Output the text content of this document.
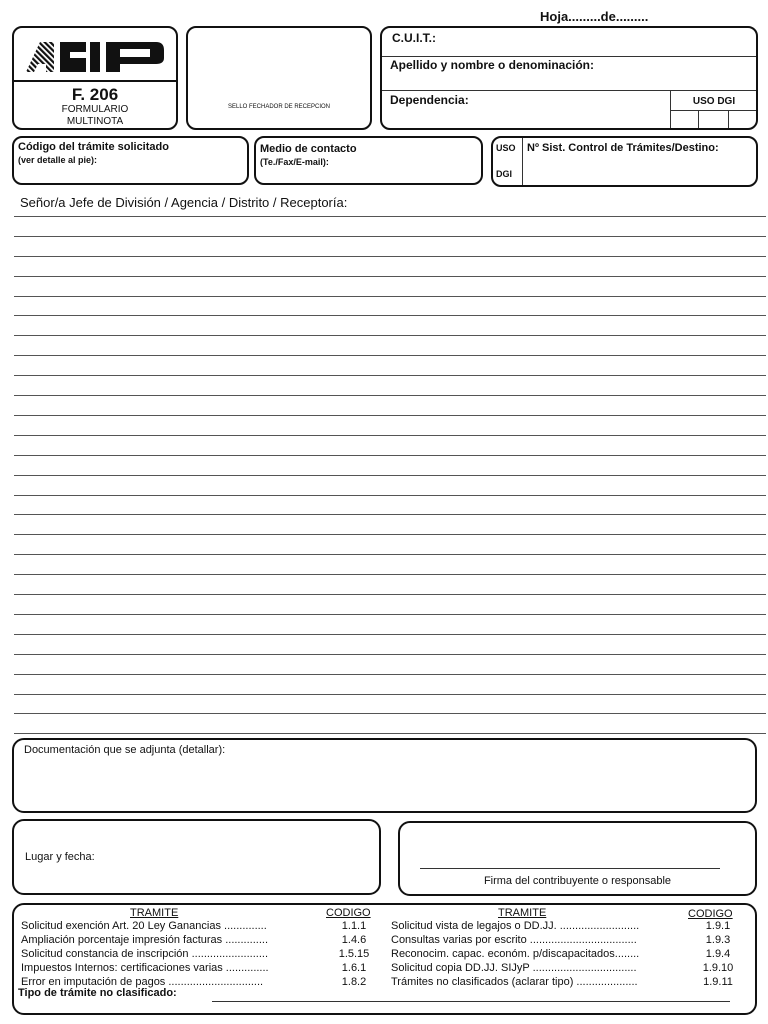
Hoja.........de.........
F. 206
FORMULARIO
MULTINOTA
SELLO FECHADOR DE RECEPCION
C.U.I.T.:
Apellido y nombre o denominación:
Dependencia:	USO DGI
Código del trámite solicitado
(ver detalle al pie):
Medio de contacto
(Te./Fax/E-mail):
USO
DGI
Nº Sist. Control de Trámites/Destino:
Señor/a Jefe de División / Agencia / Distrito / Receptoría:
Documentación que se adjunta (detallar):
Lugar y fecha:
Firma del contribuyente o responsable
TRAMITE	CODIGO	TRAMITE	CODIGO
Solicitud exención Art. 20 Ley Ganancias ..............	1.1.1
Ampliación porcentaje impresión facturas ..............	1.4.6
Solicitud constancia de inscripción .........................	1.5.15
Impuestos Internos: certificaciones varias ..............	1.6.1
Error en imputación de pagos ...............................	1.8.2
Solicitud vista de legajos o DD.JJ. ..........................	1.9.1
Consultas varias por escrito ...................................	1.9.3
Reconocim. capac. económ. p/discapacitados........	1.9.4
Solicitud copia DD.JJ. SIJyP ..................................	1.9.10
Trámites no clasificados (aclarar tipo) ....................	1.9.11
Tipo de trámite no clasificado:
